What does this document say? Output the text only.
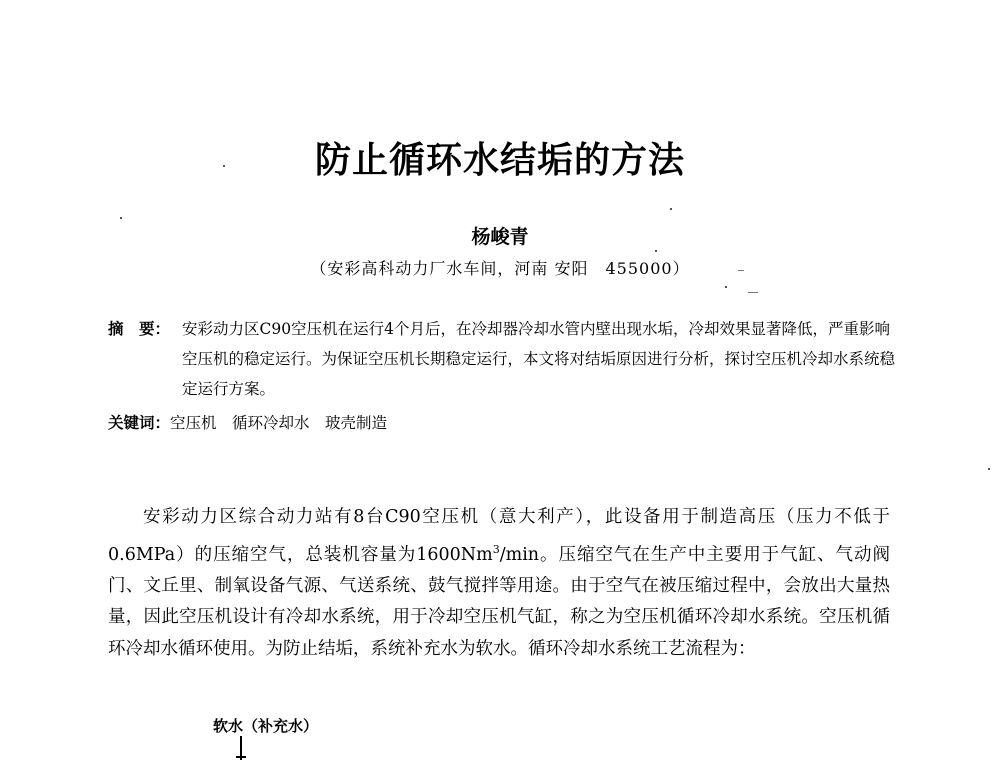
防止循环水结垢的方法
杨峻青
（安彩高科动力厂水车间，河南 安阳　455000）
摘　要： 安彩动力区C90空压机在运行4个月后，在冷却器冷却水管内壁出现水垢，冷却效果显著降低，严重影响空压机的稳定运行。为保证空压机长期稳定运行，本文将对结垢原因进行分析，探讨空压机冷却水系统稳定运行方案。
关键词：空压机　循环冷却水　玻壳制造
安彩动力区综合动力站有8台C90空压机（意大利产），此设备用于制造高压（压力不低于0.6MPa）的压缩空气，总装机容量为1600Nm$^3$/min。压缩空气在生产中主要用于气缸、气动阀门、文丘里、制氧设备气源、气送系统、鼓气搅拌等用途。由于空气在被压缩过程中，会放出大量热量，因此空压机设计有冷却水系统，用于冷却空压机气缸，称之为空压机循环冷却水系统。空压机循环冷却水循环使用。为防止结垢，系统补充水为软水。循环冷却水系统工艺流程为：
软水（补充水）
